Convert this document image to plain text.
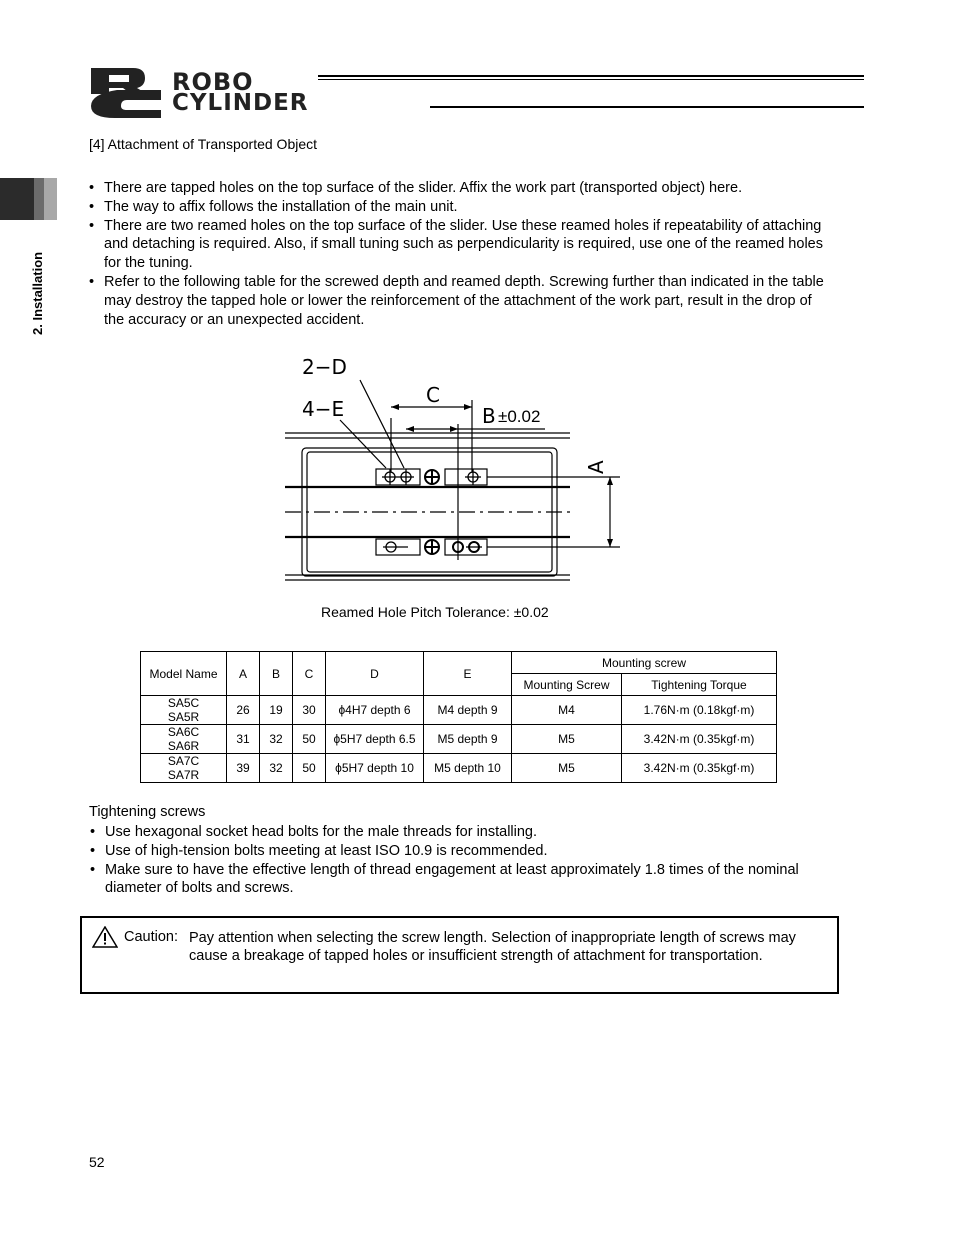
ROBO
CYLINDER
2. Installation
[4] Attachment of Transported Object
• There are tapped holes on the top surface of the slider. Affix the work part (transported object) here.
• The way to affix follows the installation of the main unit.
• There are two reamed holes on the top surface of the slider. Use these reamed holes if repeatability of attaching and detaching is required. Also, if small tuning such as perpendicularity is required, use one of the reamed holes for the tuning.
• Refer to the following table for the screwed depth and reamed depth. Screwing further than indicated in the table may destroy the tapped hole or lower the reinforcement of the attachment of the work part, result in the drop of the accuracy or an unexpected accident.
2−D
4−E
C
B ±0.02
A
Reamed Hole Pitch Tolerance: ±0.02
Model Name	A	B	C	D	E	Mounting screw	
						Mounting Screw	Tightening Torque

SA5C
SA5R	26	19	30	ϕ4H7 depth 6	M4 depth 9	M4	1.76N·m (0.18kgf·m)

SA6C
SA6R	31	32	50	ϕ5H7 depth 6.5	M5 depth 9	M5	3.42N·m (0.35kgf·m)

SA7C
SA7R	39	32	50	ϕ5H7 depth 10	M5 depth 10	M5	3.42N·m (0.35kgf·m)
Tightening screws
• Use hexagonal socket head bolts for the male threads for installing.
• Use of high-tension bolts meeting at least ISO 10.9 is recommended.
• Make sure to have the effective length of thread engagement at least approximately 1.8 times of the nominal diameter of bolts and screws.
Caution: Pay attention when selecting the screw length. Selection of inappropriate length of screws may cause a breakage of tapped holes or insufficient strength of attachment for transportation.
52
